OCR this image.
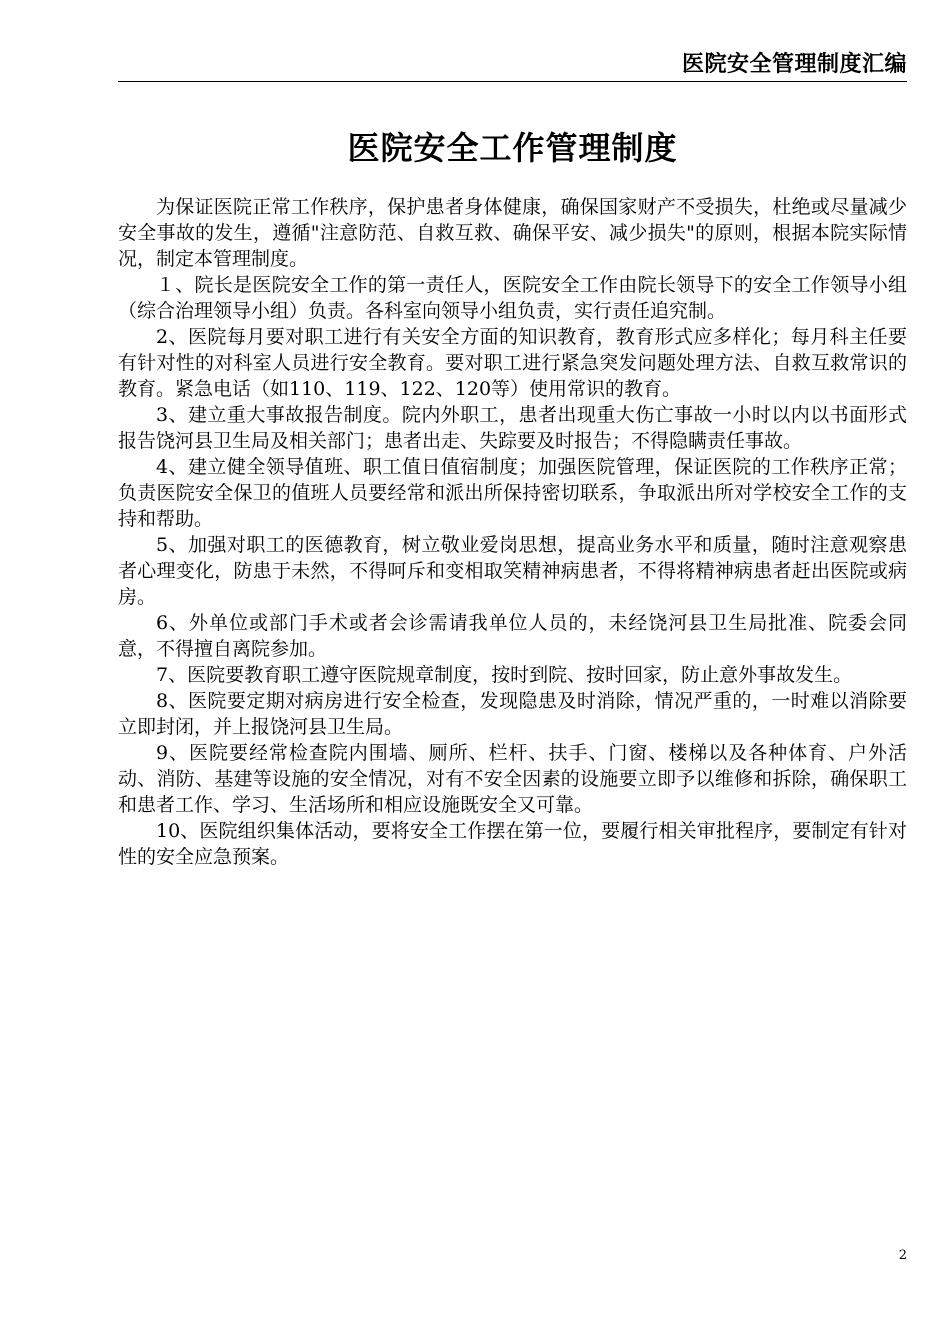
医院安全管理制度汇编
医院安全工作管理制度

为保证医院正常工作秩序，保护患者身体健康，确保国家财产不受损失，杜绝或尽量减少安全事故的发生，遵循"注意防范、自救互救、确保平安、减少损失"的原则，根据本院实际情况，制定本管理制度。

１、院长是医院安全工作的第一责任人，医院安全工作由院长领导下的安全工作领导小组（综合治理领导小组）负责。各科室向领导小组负责，实行责任追究制。

2、医院每月要对职工进行有关安全方面的知识教育，教育形式应多样化；每月科主任要有针对性的对科室人员进行安全教育。要对职工进行紧急突发问题处理方法、自救互救常识的教育。紧急电话（如110、119、122、120等）使用常识的教育。

3、建立重大事故报告制度。院内外职工，患者出现重大伤亡事故一小时以内以书面形式报告饶河县卫生局及相关部门；患者出走、失踪要及时报告；不得隐瞒责任事故。

4、建立健全领导值班、职工值日值宿制度；加强医院管理，保证医院的工作秩序正常；负责医院安全保卫的值班人员要经常和派出所保持密切联系，争取派出所对学校安全工作的支持和帮助。

5、加强对职工的医德教育，树立敬业爱岗思想，提高业务水平和质量，随时注意观察患者心理变化，防患于未然，不得呵斥和变相取笑精神病患者，不得将精神病患者赶出医院或病房。

6、外单位或部门手术或者会诊需请我单位人员的，未经饶河县卫生局批准、院委会同意，不得擅自离院参加。

7、医院要教育职工遵守医院规章制度，按时到院、按时回家，防止意外事故发生。

8、医院要定期对病房进行安全检查，发现隐患及时消除，情况严重的，一时难以消除要立即封闭，并上报饶河县卫生局。

9、医院要经常检查院内围墙、厕所、栏杆、扶手、门窗、楼梯以及各种体育、户外活动、消防、基建等设施的安全情况，对有不安全因素的设施要立即予以维修和拆除，确保职工和患者工作、学习、生活场所和相应设施既安全又可靠。

10、医院组织集体活动，要将安全工作摆在第一位，要履行相关审批程序，要制定有针对性的安全应急预案。

2
